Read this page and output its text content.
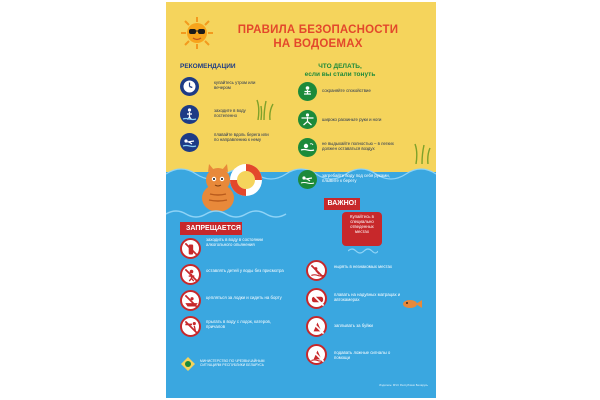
ПРАВИЛА БЕЗОПАСНОСТИ
НА ВОДОЕМАХ
РЕКОМЕНДАЦИИ
купайтесь утром или вечером
заходите в воду постепенно
плавайте вдоль берега или по направлению к нему
ЧТО ДЕЛАТЬ,
если вы стали тонуть
сохраняйте спокойствие
широко раскиньте руки и ноги
не выдыхайте полностью – в легких должен оставаться воздух
загребайте воду под себя руками, плывите к берегу
ВАЖНО!
Купайтесь в специально отведенных местах
ЗАПРЕЩАЕТСЯ
заходить в воду в состоянии алкогольного опьянения
оставлять детей у воды без присмотра
цепляться за лодки и сидеть на борту
прыгать в воду с лодок, катеров, причалов
нырять в незнакомых местах
плавать на надувных матрацах и автокамерах
заплывать за буйки
подавать ложные сигналы о помощи
МИНИСТЕРСТВО ПО ЧРЕЗВЫЧАЙНЫМ СИТУАЦИЯМ РЕСПУБЛИКИ БЕЛАРУСЬ
Издатель: МЧС Республики Беларусь
